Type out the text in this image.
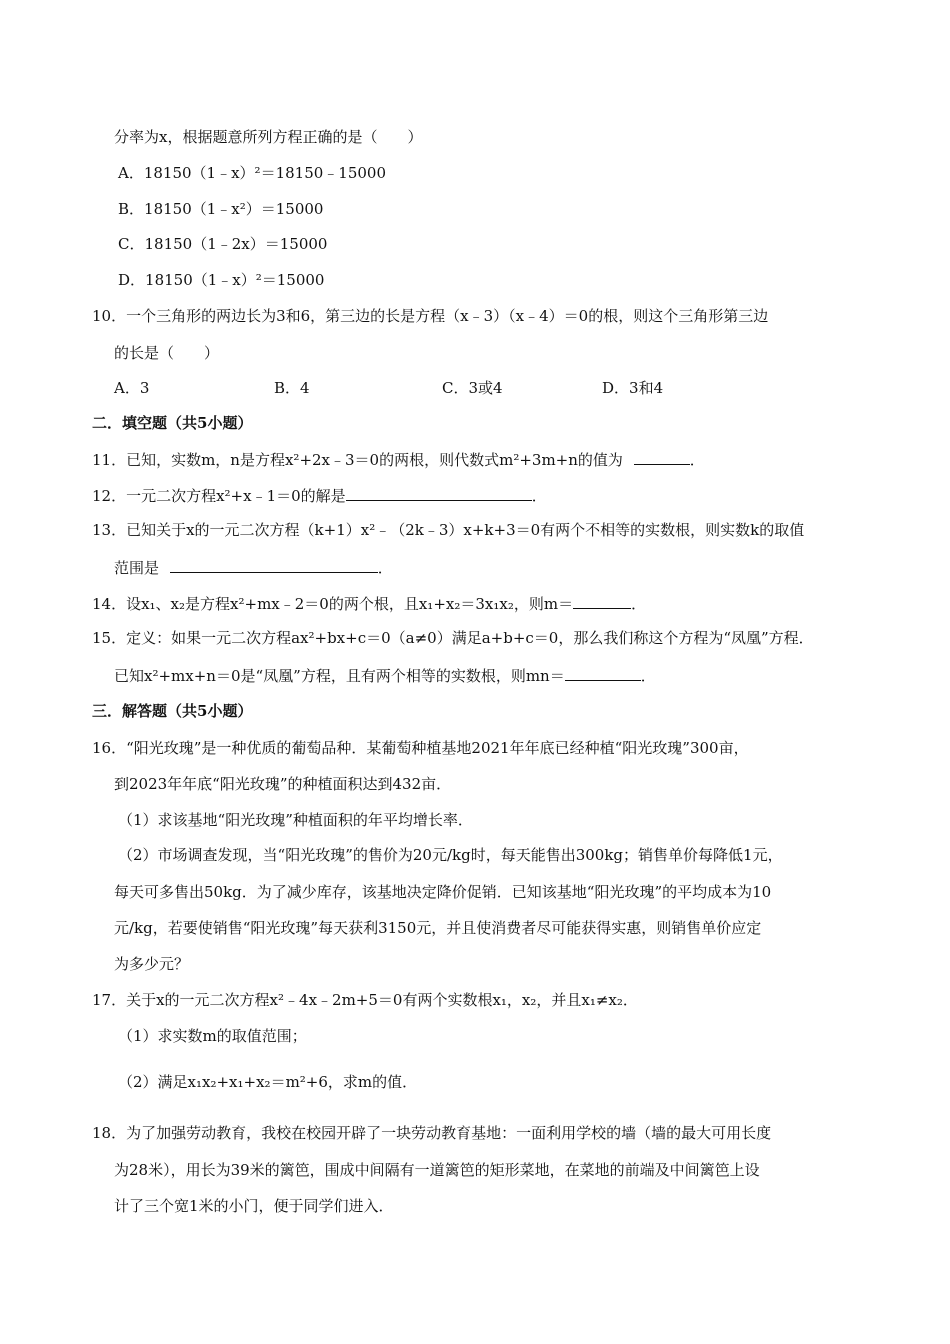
分率为x，根据题意所列方程正确的是（　　）
A．18150（1﹣x）²＝18150﹣15000
B．18150（1﹣x²）＝15000
C．18150（1﹣2x）＝15000
D．18150（1﹣x）²＝15000
10．一个三角形的两边长为3和6，第三边的长是方程（x﹣3）（x﹣4）＝0的根，则这个三角形第三边
的长是（　　）
A．3	B．4	C．3或4	D．3和4
二．填空题（共5小题）
11．已知，实数m，n是方程x²+2x﹣3＝0的两根，则代数式m²+3m+n的值为	．
12．一元二次方程x²+x﹣1＝0的解是	．
13．已知关于x的一元二次方程（k+1）x²﹣（2k﹣3）x+k+3＝0有两个不相等的实数根，则实数k的取值
范围是	．
14．设x₁、x₂是方程x²+mx﹣2＝0的两个根，且x₁+x₂＝3x₁x₂，则m＝	．
15．定义：如果一元二次方程ax²+bx+c＝0（a≠0）满足a+b+c＝0，那么我们称这个方程为“凤凰”方程．
已知x²+mx+n＝0是“凤凰”方程，且有两个相等的实数根，则mn＝	．
三．解答题（共5小题）
16．“阳光玫瑰”是一种优质的葡萄品种．某葡萄种植基地2021年年底已经种植“阳光玫瑰”300亩，
到2023年年底“阳光玫瑰”的种植面积达到432亩．
（1）求该基地“阳光玫瑰”种植面积的年平均增长率．
（2）市场调查发现，当“阳光玫瑰”的售价为20元/kg时，每天能售出300kg；销售单价每降低1元，
每天可多售出50kg．为了减少库存，该基地决定降价促销．已知该基地“阳光玫瑰”的平均成本为10
元/kg，若要使销售“阳光玫瑰”每天获利3150元，并且使消费者尽可能获得实惠，则销售单价应定
为多少元？
17．关于x的一元二次方程x²﹣4x﹣2m+5＝0有两个实数根x₁，x₂，并且x₁≠x₂．
（1）求实数m的取值范围；
（2）满足x₁x₂+x₁+x₂＝m²+6，求m的值．
18．为了加强劳动教育，我校在校园开辟了一块劳动教育基地：一面利用学校的墙（墙的最大可用长度
为28米），用长为39米的篱笆，围成中间隔有一道篱笆的矩形菜地，在菜地的前端及中间篱笆上设
计了三个宽1米的小门，便于同学们进入．
